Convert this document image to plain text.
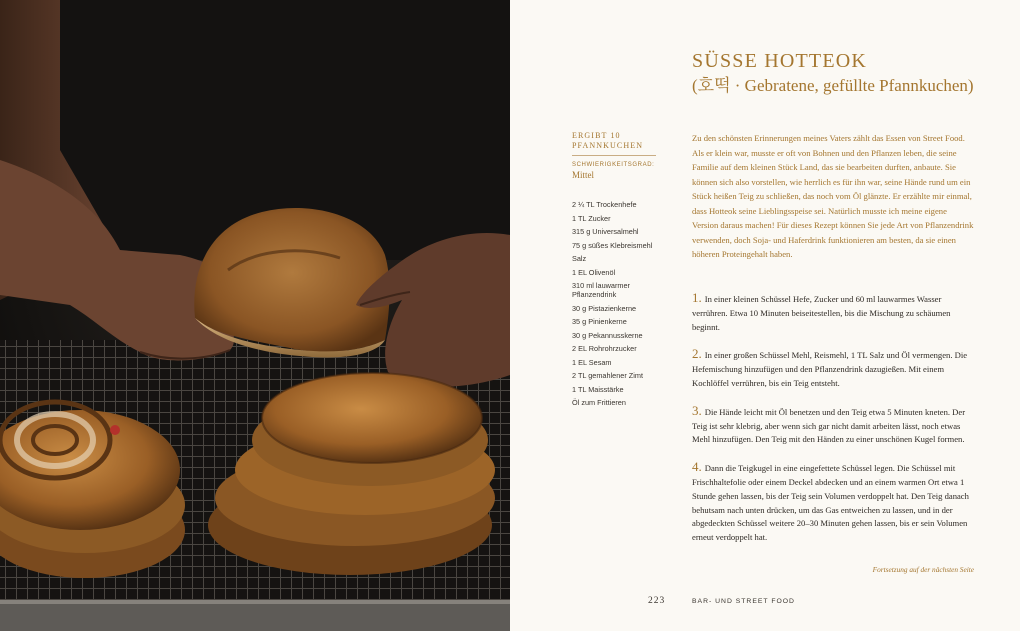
SÜSSE HOTTEOK
(호떡 · Gebratene, gefüllte Pfannkuchen)
ERGIBT 10 PFANNKUCHEN
SCHWIERIGKEITSGRAD:
Mittel
2 ¼ TL Trockenhefe
1 TL Zucker
315 g Universalmehl
75 g süßes Klebreismehl
Salz
1 EL Olivenöl
310 ml lauwarmer Pflanzendrink
30 g Pistazienkerne
35 g Pinienkerne
30 g Pekannusskerne
2 EL Rohrohrzucker
1 EL Sesam
2 TL gemahlener Zimt
1 TL Maisstärke
Öl zum Frittieren

Zu den schönsten Erinnerungen meines Vaters zählt das Essen von Street Food. Als er klein war, musste er oft von Bohnen und den Pflanzen leben, die seine Familie auf dem kleinen Stück Land, das sie bearbeiten durften, anbaute. Sie können sich also vorstellen, wie herrlich es für ihn war, seine Hände rund um ein Stück heißen Teig zu schließen, das noch vom Öl glänzte. Er erzählte mir einmal, dass Hotteok seine Lieblingsspeise sei. Natürlich musste ich meine eigene Version daraus machen! Für dieses Rezept können Sie jede Art von Pflanzendrink verwenden, doch Soja- und Haferdrink funktionieren am besten, da sie einen höheren Proteingehalt haben.

1. In einer kleinen Schüssel Hefe, Zucker und 60 ml lauwarmes Wasser verrühren. Etwa 10 Minuten beiseitestellen, bis die Mischung zu schäumen beginnt.
2. In einer großen Schüssel Mehl, Reismehl, 1 TL Salz und Öl vermengen. Die Hefemischung hinzufügen und den Pflanzendrink dazugießen. Mit einem Kochlöffel verrühren, bis ein Teig entsteht.
3. Die Hände leicht mit Öl benetzen und den Teig etwa 5 Minuten kneten. Der Teig ist sehr klebrig, aber wenn sich gar nicht damit arbeiten lässt, noch etwas Mehl hinzufügen. Den Teig mit den Händen zu einer unschönen Kugel formen.
4. Dann die Teigkugel in eine eingefettete Schüssel legen. Die Schüssel mit Frischhaltefolie oder einem Deckel abdecken und an einem warmen Ort etwa 1 Stunde gehen lassen, bis der Teig sein Volumen verdoppelt hat. Den Teig danach behutsam nach unten drücken, um das Gas entweichen zu lassen, und in der abgedeckten Schüssel weitere 20–30 Minuten gehen lassen, bis er sein Volumen erneut verdoppelt hat.
Fortsetzung auf der nächsten Seite
223	BAR- UND STREET FOOD
